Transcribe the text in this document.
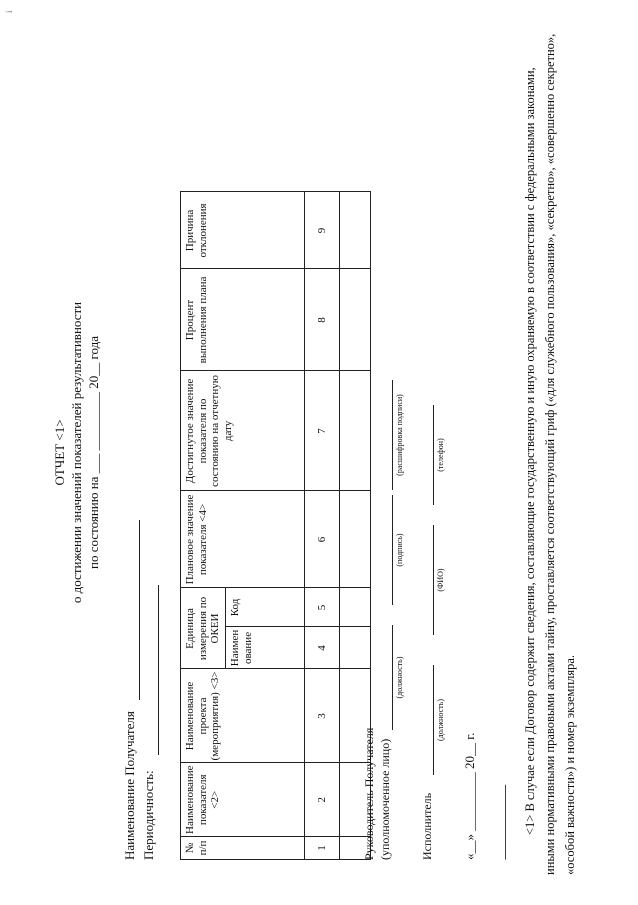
i
ОТЧЕТ <1> о достижении значений показателей результативности по состоянию на ___ _________ 20__ года
Наименование Получателя Периодичность:	№ п/п	Наименование показателя <2>	Наименование проекта (мероприятия) <3>	Единица измерения по ОКЕИ		Плановое значение показателя <4>	Достигнутое значение показателя по состоянию на отчетную дату	Процент выполнения плана	Причина отклонения
			Наименование	Код				
1	2	3	4	5	6	7	8	9

Руководитель Получателя (уполномоченное лицо)
(должность)
(подпись)
(расшифровка подписи)
Исполнитель
(должность)
(ФИО)
(телефон)
«__» _________ 20__ г. -------------------------------- <1> В случае если Договор содержит сведения, составляющие государственную и иную охраняемую в соответствии с федеральными законами, иными нормативными правовыми актами тайну, проставляется соответствующий гриф («для служебного пользования», «секретно», «совершенно секретно», «особой важности») и номер экземпляра.
